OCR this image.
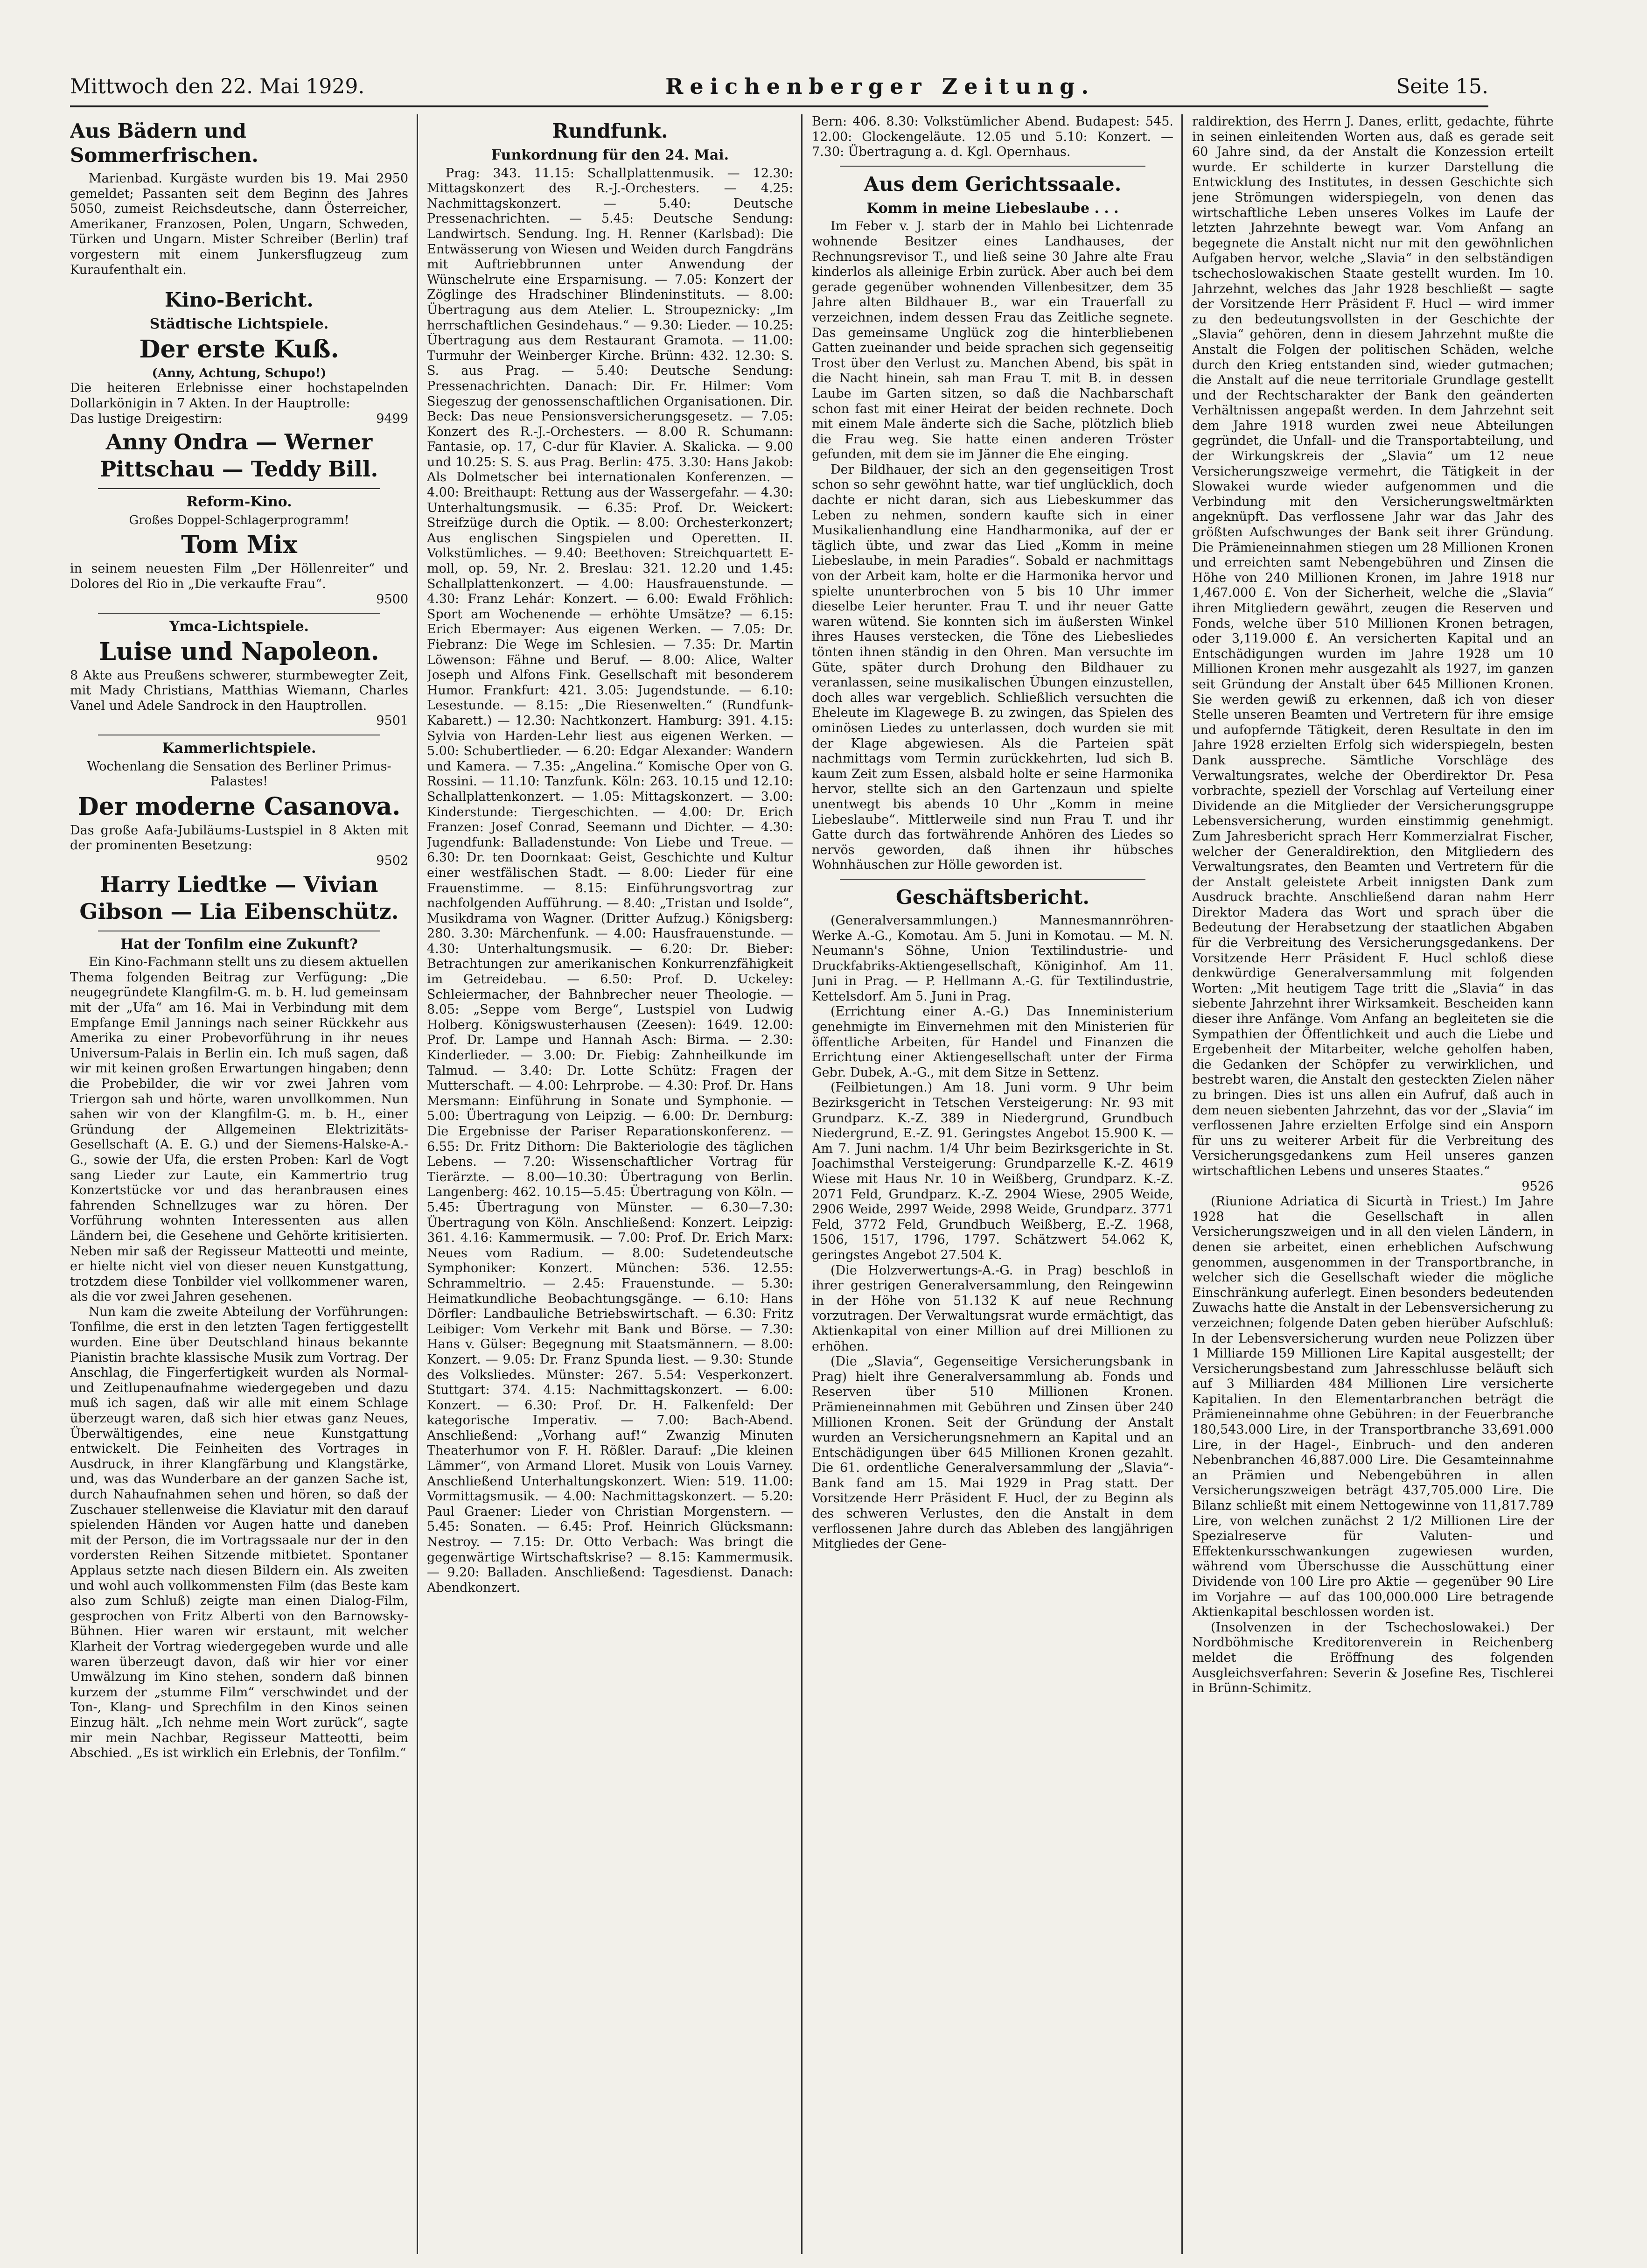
Mittwoch den 22. Mai 1929.	Reichenberger Zeitung.	Seite 15.
Aus Bädern und Sommerfrischen.

Marienbad. Kurgäste wurden bis 19. Mai 2950 gemeldet; Passanten seit dem Beginn des Jahres 5050, zumeist Reichsdeutsche, dann Österreicher, Amerikaner, Franzosen, Polen, Ungarn, Schweden, Türken und Ungarn. Mister Schreiber (Berlin) traf vorgestern mit einem Junkersflugzeug zum Kuraufenthalt ein.

Kino-Bericht.
Städtische Lichtspiele.
Der erste Kuß.
(Anny, Achtung, Schupo!)

Die heiteren Erlebnisse einer hochstapelnden Dollarkönigin in 7 Akten. In der Hauptrolle:

Das lustige Dreigestirn:	9499

Anny Ondra — Werner Pittschau — Teddy Bill.
Reform-Kino.
Großes Doppel-Schlagerprogramm!
Tom Mix

in seinem neuesten Film „Der Höllenreiter“ und Dolores del Rio in „Die verkaufte Frau“.

9500

Ymca-Lichtspiele.
Luise und Napoleon.

8 Akte aus Preußens schwerer, sturmbewegter Zeit, mit Mady Christians, Matthias Wiemann, Charles Vanel und Adele Sandrock in den Hauptrollen.

9501

Kammerlichtspiele.

Wochenlang die Sensation des Berliner Primus-Palastes!

Der moderne Casanova.

Das große Aafa-Jubiläums-Lustspiel in 8 Akten mit der prominenten Besetzung:

9502

Harry Liedtke — Vivian Gibson — Lia Eibenschütz.
Hat der Tonfilm eine Zukunft?

Ein Kino-Fachmann stellt uns zu diesem aktuellen Thema folgenden Beitrag zur Verfügung: „Die neugegründete Klangfilm-G. m. b. H. lud gemeinsam mit der „Ufa“ am 16. Mai in Verbindung mit dem Empfange Emil Jannings nach seiner Rückkehr aus Amerika zu einer Probevorführung in ihr neues Universum-Palais in Berlin ein. Ich muß sagen, daß wir mit keinen großen Erwartungen hingaben; denn die Probebilder, die wir vor zwei Jahren vom Triergon sah und hörte, waren unvollkommen. Nun sahen wir von der Klangfilm-G. m. b. H., einer Gründung der Allgemeinen Elektrizitäts-Gesellschaft (A. E. G.) und der Siemens-Halske-A.-G., sowie der Ufa, die ersten Proben: Karl de Vogt sang Lieder zur Laute, ein Kammertrio trug Konzertstücke vor und das heranbrausen eines fahrenden Schnellzuges war zu hören. Der Vorführung wohnten Interessenten aus allen Ländern bei, die Gesehene und Gehörte kritisierten. Neben mir saß der Regisseur Matteotti und meinte, er hielte nicht viel von dieser neuen Kunstgattung, trotzdem diese Tonbilder viel vollkommener waren, als die vor zwei Jahren gesehenen.

Nun kam die zweite Abteilung der Vorführungen: Tonfilme, die erst in den letzten Tagen fertiggestellt wurden. Eine über Deutschland hinaus bekannte Pianistin brachte klassische Musik zum Vortrag. Der Anschlag, die Fingerfertigkeit wurden als Normal- und Zeitlupenaufnahme wiedergegeben und dazu muß ich sagen, daß wir alle mit einem Schlage überzeugt waren, daß sich hier etwas ganz Neues, Überwältigendes, eine neue Kunstgattung entwickelt. Die Feinheiten des Vortrages in Ausdruck, in ihrer Klangfärbung und Klangstärke, und, was das Wunderbare an der ganzen Sache ist, durch Nahaufnahmen sehen und hören, so daß der Zuschauer stellenweise die Klaviatur mit den darauf spielenden Händen vor Augen hatte und daneben mit der Person, die im Vortragssaale nur der in den vordersten Reihen Sitzende mitbietet. Spontaner Applaus setzte nach diesen Bildern ein. Als zweiten und wohl auch vollkommensten Film (das Beste kam also zum Schluß) zeigte man einen Dialog-Film, gesprochen von Fritz Alberti von den Barnowsky-Bühnen. Hier waren wir erstaunt, mit welcher Klarheit der Vortrag wiedergegeben wurde und alle waren überzeugt davon, daß wir hier vor einer Umwälzung im Kino stehen, sondern daß binnen kurzem der „stumme Film“ verschwindet und der Ton-, Klang- und Sprechfilm in den Kinos seinen Einzug hält. „Ich nehme mein Wort zurück“, sagte mir mein Nachbar, Regisseur Matteotti, beim Abschied. „Es ist wirklich ein Erlebnis, der Tonfilm.“

Rundfunk.
Funkordnung für den 24. Mai.

Prag: 343. 11.15: Schallplattenmusik. — 12.30: Mittagskonzert des R.-J.-Orchesters. — 4.25: Nachmittagskonzert. — 5.40: Deutsche Pressenachrichten. — 5.45: Deutsche Sendung: Landwirtsch. Sendung. Ing. H. Renner (Karlsbad): Die Entwässerung von Wiesen und Weiden durch Fangdräns mit Auftriebbrunnen unter Anwendung der Wünschelrute eine Ersparnisung. — 7.05: Konzert der Zöglinge des Hradschiner Blindeninstituts. — 8.00: Übertragung aus dem Atelier. L. Stroupeznicky: „Im herrschaftlichen Gesindehaus.“ — 9.30: Lieder. — 10.25: Übertragung aus dem Restaurant Gramota. — 11.00: Turmuhr der Weinberger Kirche. Brünn: 432. 12.30: S. S. aus Prag. — 5.40: Deutsche Sendung: Pressenachrichten. Danach: Dir. Fr. Hilmer: Vom Siegeszug der genossenschaftlichen Organisationen. Dir. Beck: Das neue Pensionsversicherungsgesetz. — 7.05: Konzert des R.-J.-Orchesters. — 8.00 R. Schumann: Fantasie, op. 17, C-dur für Klavier. A. Skalicka. — 9.00 und 10.25: S. S. aus Prag. Berlin: 475. 3.30: Hans Jakob: Als Dolmetscher bei internationalen Konferenzen. — 4.00: Breithaupt: Rettung aus der Wassergefahr. — 4.30: Unterhaltungsmusik. — 6.35: Prof. Dr. Weickert: Streifzüge durch die Optik. — 8.00: Orchesterkonzert; Aus englischen Singspielen und Operetten. II. Volkstümliches. — 9.40: Beethoven: Streichquartett E-moll, op. 59, Nr. 2. Breslau: 321. 12.20 und 1.45: Schallplattenkonzert. — 4.00: Hausfrauenstunde. — 4.30: Franz Lehár: Konzert. — 6.00: Ewald Fröhlich: Sport am Wochenende — erhöhte Umsätze? — 6.15: Erich Ebermayer: Aus eigenen Werken. — 7.05: Dr. Fiebranz: Die Wege im Schlesien. — 7.35: Dr. Martin Löwenson: Fähne und Beruf. — 8.00: Alice, Walter Joseph und Alfons Fink. Gesellschaft mit besonderem Humor. Frankfurt: 421. 3.05: Jugendstunde. — 6.10: Lesestunde. — 8.15: „Die Riesenwelten.“ (Rundfunk-Kabarett.) — 12.30: Nachtkonzert. Hamburg: 391. 4.15: Sylvia von Harden-Lehr liest aus eigenen Werken. — 5.00: Schubertlieder. — 6.20: Edgar Alexander: Wandern und Kamera. — 7.35: „Angelina.“ Komische Oper von G. Rossini. — 11.10: Tanzfunk. Köln: 263. 10.15 und 12.10: Schallplattenkonzert. — 1.05: Mittagskonzert. — 3.00: Kinderstunde: Tiergeschichten. — 4.00: Dr. Erich Franzen: Josef Conrad, Seemann und Dichter. — 4.30: Jugendfunk: Balladenstunde: Von Liebe und Treue. — 6.30: Dr. ten Doornkaat: Geist, Geschichte und Kultur einer westfälischen Stadt. — 8.00: Lieder für eine Frauenstimme. — 8.15: Einführungsvortrag zur nachfolgenden Aufführung. — 8.40: „Tristan und Isolde“, Musikdrama von Wagner. (Dritter Aufzug.) Königsberg: 280. 3.30: Märchenfunk. — 4.00: Hausfrauenstunde. — 4.30: Unterhaltungsmusik. — 6.20: Dr. Bieber: Betrachtungen zur amerikanischen Konkurrenzfähigkeit im Getreidebau. — 6.50: Prof. D. Uckeley: Schleiermacher, der Bahnbrecher neuer Theologie. — 8.05: „Seppe vom Berge“, Lustspiel von Ludwig Holberg. Königswusterhausen (Zeesen): 1649. 12.00: Prof. Dr. Lampe und Hannah Asch: Birma. — 2.30: Kinderlieder. — 3.00: Dr. Fiebig: Zahnheilkunde im Talmud. — 3.40: Dr. Lotte Schütz: Fragen der Mutterschaft. — 4.00: Lehrprobe. — 4.30: Prof. Dr. Hans Mersmann: Einführung in Sonate und Symphonie. — 5.00: Übertragung von Leipzig. — 6.00: Dr. Dernburg: Die Ergebnisse der Pariser Reparationskonferenz. — 6.55: Dr. Fritz Dithorn: Die Bakteriologie des täglichen Lebens. — 7.20: Wissenschaftlicher Vortrag für Tierärzte. — 8.00—10.30: Übertragung von Berlin. Langenberg: 462. 10.15—5.45: Übertragung von Köln. — 5.45: Übertragung von Münster. — 6.30—7.30: Übertragung von Köln. Anschließend: Konzert. Leipzig: 361. 4.16: Kammermusik. — 7.00: Prof. Dr. Erich Marx: Neues vom Radium. — 8.00: Sudetendeutsche Symphoniker: Konzert. München: 536. 12.55: Schrammeltrio. — 2.45: Frauenstunde. — 5.30: Heimatkundliche Beobachtungsgänge. — 6.10: Hans Dörfler: Landbauliche Betriebswirtschaft. — 6.30: Fritz Leibiger: Vom Verkehr mit Bank und Börse. — 7.30: Hans v. Gülser: Begegnung mit Staatsmännern. — 8.00: Konzert. — 9.05: Dr. Franz Spunda liest. — 9.30: Stunde des Volksliedes. Münster: 267. 5.54: Vesperkonzert. Stuttgart: 374. 4.15: Nachmittagskonzert. — 6.00: Konzert. — 6.30: Prof. Dr. H. Falkenfeld: Der kategorische Imperativ. — 7.00: Bach-Abend. Anschließend: „Vorhang auf!“ Zwanzig Minuten Theaterhumor von F. H. Rößler. Darauf: „Die kleinen Lämmer“, von Armand Lloret. Musik von Louis Varney. Anschließend Unterhaltungskonzert. Wien: 519. 11.00: Vormittagsmusik. — 4.00: Nachmittagskonzert. — 5.20: Paul Graener: Lieder von Christian Morgenstern. — 5.45: Sonaten. — 6.45: Prof. Heinrich Glücksmann: Nestroy. — 7.15: Dr. Otto Verbach: Was bringt die gegenwärtige Wirtschaftskrise? — 8.15: Kammermusik. — 9.20: Balladen. Anschließend: Tagesdienst. Danach: Abendkonzert.

Bern: 406. 8.30: Volkstümlicher Abend. Budapest: 545. 12.00: Glockengeläute. 12.05 und 5.10: Konzert. — 7.30: Übertragung a. d. Kgl. Opernhaus.

Aus dem Gerichtssaale.
Komm in meine Liebeslaube . . .

Im Feber v. J. starb der in Mahlo bei Lichtenrade wohnende Besitzer eines Landhauses, der Rechnungsrevisor T., und ließ seine 30 Jahre alte Frau kinderlos als alleinige Erbin zurück. Aber auch bei dem gerade gegenüber wohnenden Villenbesitzer, dem 35 Jahre alten Bildhauer B., war ein Trauerfall zu verzeichnen, indem dessen Frau das Zeitliche segnete. Das gemeinsame Unglück zog die hinterbliebenen Gatten zueinander und beide sprachen sich gegenseitig Trost über den Verlust zu. Manchen Abend, bis spät in die Nacht hinein, sah man Frau T. mit B. in dessen Laube im Garten sitzen, so daß die Nachbarschaft schon fast mit einer Heirat der beiden rechnete. Doch mit einem Male änderte sich die Sache, plötzlich blieb die Frau weg. Sie hatte einen anderen Tröster gefunden, mit dem sie im Jänner die Ehe einging.

Der Bildhauer, der sich an den gegenseitigen Trost schon so sehr gewöhnt hatte, war tief unglücklich, doch dachte er nicht daran, sich aus Liebeskummer das Leben zu nehmen, sondern kaufte sich in einer Musikalienhandlung eine Handharmonika, auf der er täglich übte, und zwar das Lied „Komm in meine Liebeslaube, in mein Paradies“. Sobald er nachmittags von der Arbeit kam, holte er die Harmonika hervor und spielte ununterbrochen von 5 bis 10 Uhr immer dieselbe Leier herunter. Frau T. und ihr neuer Gatte waren wütend. Sie konnten sich im äußersten Winkel ihres Hauses verstecken, die Töne des Liebesliedes tönten ihnen ständig in den Ohren. Man versuchte im Güte, später durch Drohung den Bildhauer zu veranlassen, seine musikalischen Übungen einzustellen, doch alles war vergeblich. Schließlich versuchten die Eheleute im Klagewege B. zu zwingen, das Spielen des ominösen Liedes zu unterlassen, doch wurden sie mit der Klage abgewiesen. Als die Parteien spät nachmittags vom Termin zurückkehrten, lud sich B. kaum Zeit zum Essen, alsbald holte er seine Harmonika hervor, stellte sich an den Gartenzaun und spielte unentwegt bis abends 10 Uhr „Komm in meine Liebeslaube“. Mittlerweile sind nun Frau T. und ihr Gatte durch das fortwährende Anhören des Liedes so nervös geworden, daß ihnen ihr hübsches Wohnhäuschen zur Hölle geworden ist.

Geschäftsbericht.

(Generalversammlungen.) Mannesmannröhren-Werke A.-G., Komotau. Am 5. Juni in Komotau. — M. N. Neumann's Söhne, Union Textilindustrie- und Druckfabriks-Aktiengesellschaft, Königinhof. Am 11. Juni in Prag. — P. Hellmann A.-G. für Textilindustrie, Kettelsdorf. Am 5. Juni in Prag.

(Errichtung einer A.-G.) Das Inneministerium genehmigte im Einvernehmen mit den Ministerien für öffentliche Arbeiten, für Handel und Finanzen die Errichtung einer Aktiengesellschaft unter der Firma Gebr. Dubek, A.-G., mit dem Sitze in Settenz.

(Feilbietungen.) Am 18. Juni vorm. 9 Uhr beim Bezirksgericht in Tetschen Versteigerung: Nr. 93 mit Grundparz. K.-Z. 389 in Niedergrund, Grundbuch Niedergrund, E.-Z. 91. Geringstes Angebot 15.900 K. — Am 7. Juni nachm. 1/4 Uhr beim Bezirksgerichte in St. Joachimsthal Versteigerung: Grundparzelle K.-Z. 4619 Wiese mit Haus Nr. 10 in Weißberg, Grundparz. K.-Z. 2071 Feld, Grundparz. K.-Z. 2904 Wiese, 2905 Weide, 2906 Weide, 2997 Weide, 2998 Weide, Grundparz. 3771 Feld, 3772 Feld, Grundbuch Weißberg, E.-Z. 1968, 1506, 1517, 1796, 1797. Schätzwert 54.062 K, geringstes Angebot 27.504 K.

(Die Holzverwertungs-A.-G. in Prag) beschloß in ihrer gestrigen Generalversammlung, den Reingewinn in der Höhe von 51.132 K auf neue Rechnung vorzutragen. Der Verwaltungsrat wurde ermächtigt, das Aktienkapital von einer Million auf drei Millionen zu erhöhen.

(Die „Slavia“, Gegenseitige Versicherungsbank in Prag) hielt ihre Generalversammlung ab. Fonds und Reserven über 510 Millionen Kronen. Prämieneinnahmen mit Gebühren und Zinsen über 240 Millionen Kronen. Seit der Gründung der Anstalt wurden an Versicherungsnehmern an Kapital und an Entschädigungen über 645 Millionen Kronen gezahlt. Die 61. ordentliche Generalversammlung der „Slavia“-Bank fand am 15. Mai 1929 in Prag statt. Der Vorsitzende Herr Präsident F. Hucl, der zu Beginn als des schweren Verlustes, den die Anstalt in dem verflossenen Jahre durch das Ableben des langjährigen Mitgliedes der Gene-

raldirektion, des Herrn J. Danes, erlitt, gedachte, führte in seinen einleitenden Worten aus, daß es gerade seit 60 Jahre sind, da der Anstalt die Konzession erteilt wurde. Er schilderte in kurzer Darstellung die Entwicklung des Institutes, in dessen Geschichte sich jene Strömungen widerspiegeln, von denen das wirtschaftliche Leben unseres Volkes im Laufe der letzten Jahrzehnte bewegt war. Vom Anfang an begegnete die Anstalt nicht nur mit den gewöhnlichen Aufgaben hervor, welche „Slavia“ in den selbständigen tschechoslowakischen Staate gestellt wurden. Im 10. Jahrzehnt, welches das Jahr 1928 beschließt — sagte der Vorsitzende Herr Präsident F. Hucl — wird immer zu den bedeutungsvollsten in der Geschichte der „Slavia“ gehören, denn in diesem Jahrzehnt mußte die Anstalt die Folgen der politischen Schäden, welche durch den Krieg entstanden sind, wieder gutmachen; die Anstalt auf die neue territoriale Grundlage gestellt und der Rechtscharakter der Bank den geänderten Verhältnissen angepaßt werden. In dem Jahrzehnt seit dem Jahre 1918 wurden zwei neue Abteilungen gegründet, die Unfall- und die Transportabteilung, und der Wirkungskreis der „Slavia“ um 12 neue Versicherungszweige vermehrt, die Tätigkeit in der Slowakei wurde wieder aufgenommen und die Verbindung mit den Versicherungsweltmärkten angeknüpft. Das verflossene Jahr war das Jahr des größten Aufschwunges der Bank seit ihrer Gründung. Die Prämieneinnahmen stiegen um 28 Millionen Kronen und erreichten samt Nebengebühren und Zinsen die Höhe von 240 Millionen Kronen, im Jahre 1918 nur 1,467.000 £. Von der Sicherheit, welche die „Slavia“ ihren Mitgliedern gewährt, zeugen die Reserven und Fonds, welche über 510 Millionen Kronen betragen, oder 3,119.000 £. An versicherten Kapital und an Entschädigungen wurden im Jahre 1928 um 10 Millionen Kronen mehr ausgezahlt als 1927, im ganzen seit Gründung der Anstalt über 645 Millionen Kronen. Sie werden gewiß zu erkennen, daß ich von dieser Stelle unseren Beamten und Vertretern für ihre emsige und aufopfernde Tätigkeit, deren Resultate in den im Jahre 1928 erzielten Erfolg sich widerspiegeln, besten Dank ausspreche. Sämtliche Vorschläge des Verwaltungsrates, welche der Oberdirektor Dr. Pesa vorbrachte, speziell der Vorschlag auf Verteilung einer Dividende an die Mitglieder der Versicherungsgruppe Lebensversicherung, wurden einstimmig genehmigt. Zum Jahresbericht sprach Herr Kommerzialrat Fischer, welcher der Generaldirektion, den Mitgliedern des Verwaltungsrates, den Beamten und Vertretern für die der Anstalt geleistete Arbeit innigsten Dank zum Ausdruck brachte. Anschließend daran nahm Herr Direktor Madera das Wort und sprach über die Bedeutung der Herabsetzung der staatlichen Abgaben für die Verbreitung des Versicherungsgedankens. Der Vorsitzende Herr Präsident F. Hucl schloß diese denkwürdige Generalversammlung mit folgenden Worten: „Mit heutigem Tage tritt die „Slavia“ in das siebente Jahrzehnt ihrer Wirksamkeit. Bescheiden kann dieser ihre Anfänge. Vom Anfang an begleiteten sie die Sympathien der Öffentlichkeit und auch die Liebe und Ergebenheit der Mitarbeiter, welche geholfen haben, die Gedanken der Schöpfer zu verwirklichen, und bestrebt waren, die Anstalt den gesteckten Zielen näher zu bringen. Dies ist uns allen ein Aufruf, daß auch in dem neuen siebenten Jahrzehnt, das vor der „Slavia“ im verflossenen Jahre erzielten Erfolge sind ein Ansporn für uns zu weiterer Arbeit für die Verbreitung des Versicherungsgedankens zum Heil unseres ganzen wirtschaftlichen Lebens und unseres Staates.“

9526

(Riunione Adriatica di Sicurtà in Triest.) Im Jahre 1928 hat die Gesellschaft in allen Versicherungszweigen und in all den vielen Ländern, in denen sie arbeitet, einen erheblichen Aufschwung genommen, ausgenommen in der Transportbranche, in welcher sich die Gesellschaft wieder die mögliche Einschränkung auferlegt. Einen besonders bedeutenden Zuwachs hatte die Anstalt in der Lebensversicherung zu verzeichnen; folgende Daten geben hierüber Aufschluß: In der Lebensversicherung wurden neue Polizzen über 1 Milliarde 159 Millionen Lire Kapital ausgestellt; der Versicherungsbestand zum Jahresschlusse beläuft sich auf 3 Milliarden 484 Millionen Lire versicherte Kapitalien. In den Elementarbranchen beträgt die Prämieneinnahme ohne Gebühren: in der Feuerbranche 180,543.000 Lire, in der Transportbranche 33,691.000 Lire, in der Hagel-, Einbruch- und den anderen Nebenbranchen 46,887.000 Lire. Die Gesamteinnahme an Prämien und Nebengebühren in allen Versicherungszweigen beträgt 437,705.000 Lire. Die Bilanz schließt mit einem Nettogewinne von 11,817.789 Lire, von welchen zunächst 2 1/2 Millionen Lire der Spezialreserve für Valuten- und Effektenkursschwankungen zugewiesen wurden, während vom Überschusse die Ausschüttung einer Dividende von 100 Lire pro Aktie — gegenüber 90 Lire im Vorjahre — auf das 100,000.000 Lire betragende Aktienkapital beschlossen worden ist.

(Insolvenzen in der Tschechoslowakei.) Der Nordböhmische Kreditorenverein in Reichenberg meldet die Eröffnung des folgenden Ausgleichsverfahren: Severin & Josefine Res, Tischlerei in Brünn-Schimitz.
